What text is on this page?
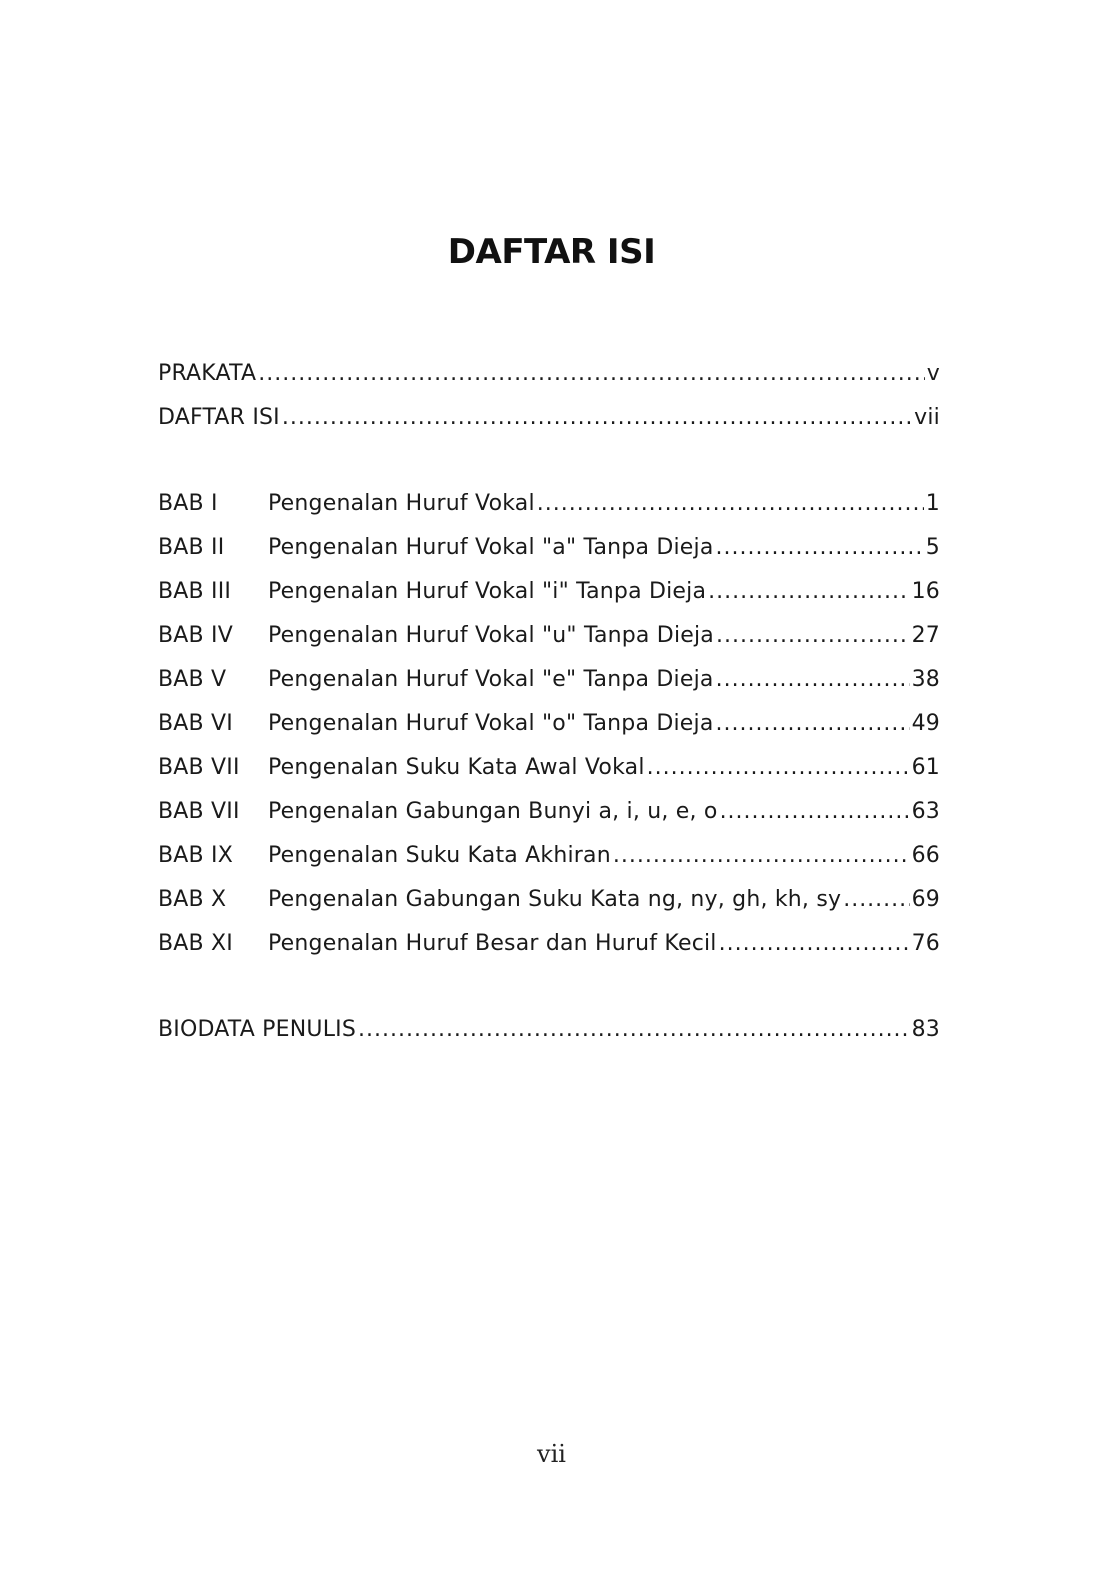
DAFTAR ISI
PRAKATA .....	v
DAFTAR ISI .....	vii
BAB I	Pengenalan Huruf Vokal .....	1
BAB II	Pengenalan Huruf Vokal "a" Tanpa Dieja .....	5
BAB III	Pengenalan Huruf Vokal "i" Tanpa Dieja .....	16
BAB IV	Pengenalan Huruf Vokal "u" Tanpa Dieja .....	27
BAB V	Pengenalan Huruf Vokal "e" Tanpa Dieja .....	38
BAB VI	Pengenalan Huruf Vokal "o" Tanpa Dieja .....	49
BAB VII	Pengenalan Suku Kata Awal Vokal .....	61
BAB VII	Pengenalan Gabungan Bunyi a, i, u, e, o .....	63
BAB IX	Pengenalan Suku Kata Akhiran .....	66
BAB X	Pengenalan Gabungan Suku Kata ng, ny, gh, kh, sy .....	69
BAB XI	Pengenalan Huruf Besar dan Huruf Kecil .....	76
BIODATA PENULIS .....	83
vii
